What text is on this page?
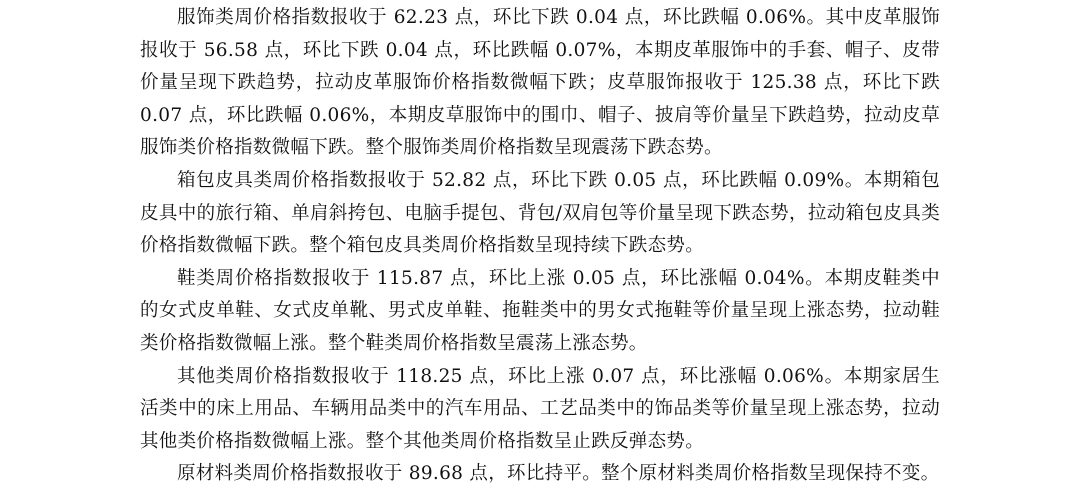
服饰类周价格指数报收于 62.23 点，环比下跌 0.04 点，环比跌幅 0.06%。其中皮革服饰报收于 56.58 点，环比下跌 0.04 点，环比跌幅 0.07%，本期皮革服饰中的手套、帽子、皮带价量呈现下跌趋势，拉动皮革服饰价格指数微幅下跌；皮草服饰报收于 125.38 点，环比下跌 0.07 点，环比跌幅 0.06%，本期皮草服饰中的围巾、帽子、披肩等价量呈下跌趋势，拉动皮草服饰类价格指数微幅下跌。整个服饰类周价格指数呈现震荡下跌态势。

箱包皮具类周价格指数报收于 52.82 点，环比下跌 0.05 点，环比跌幅 0.09%。本期箱包皮具中的旅行箱、单肩斜挎包、电脑手提包、背包/双肩包等价量呈现下跌态势，拉动箱包皮具类价格指数微幅下跌。整个箱包皮具类周价格指数呈现持续下跌态势。

鞋类周价格指数报收于 115.87 点，环比上涨 0.05 点，环比涨幅 0.04%。本期皮鞋类中的女式皮单鞋、女式皮单靴、男式皮单鞋、拖鞋类中的男女式拖鞋等价量呈现上涨态势，拉动鞋类价格指数微幅上涨。整个鞋类周价格指数呈震荡上涨态势。

其他类周价格指数报收于 118.25 点，环比上涨 0.07 点，环比涨幅 0.06%。本期家居生活类中的床上用品、车辆用品类中的汽车用品、工艺品类中的饰品类等价量呈现上涨态势，拉动其他类价格指数微幅上涨。整个其他类周价格指数呈止跌反弹态势。

原材料类周价格指数报收于 89.68 点，环比持平。整个原材料类周价格指数呈现保持不变。
